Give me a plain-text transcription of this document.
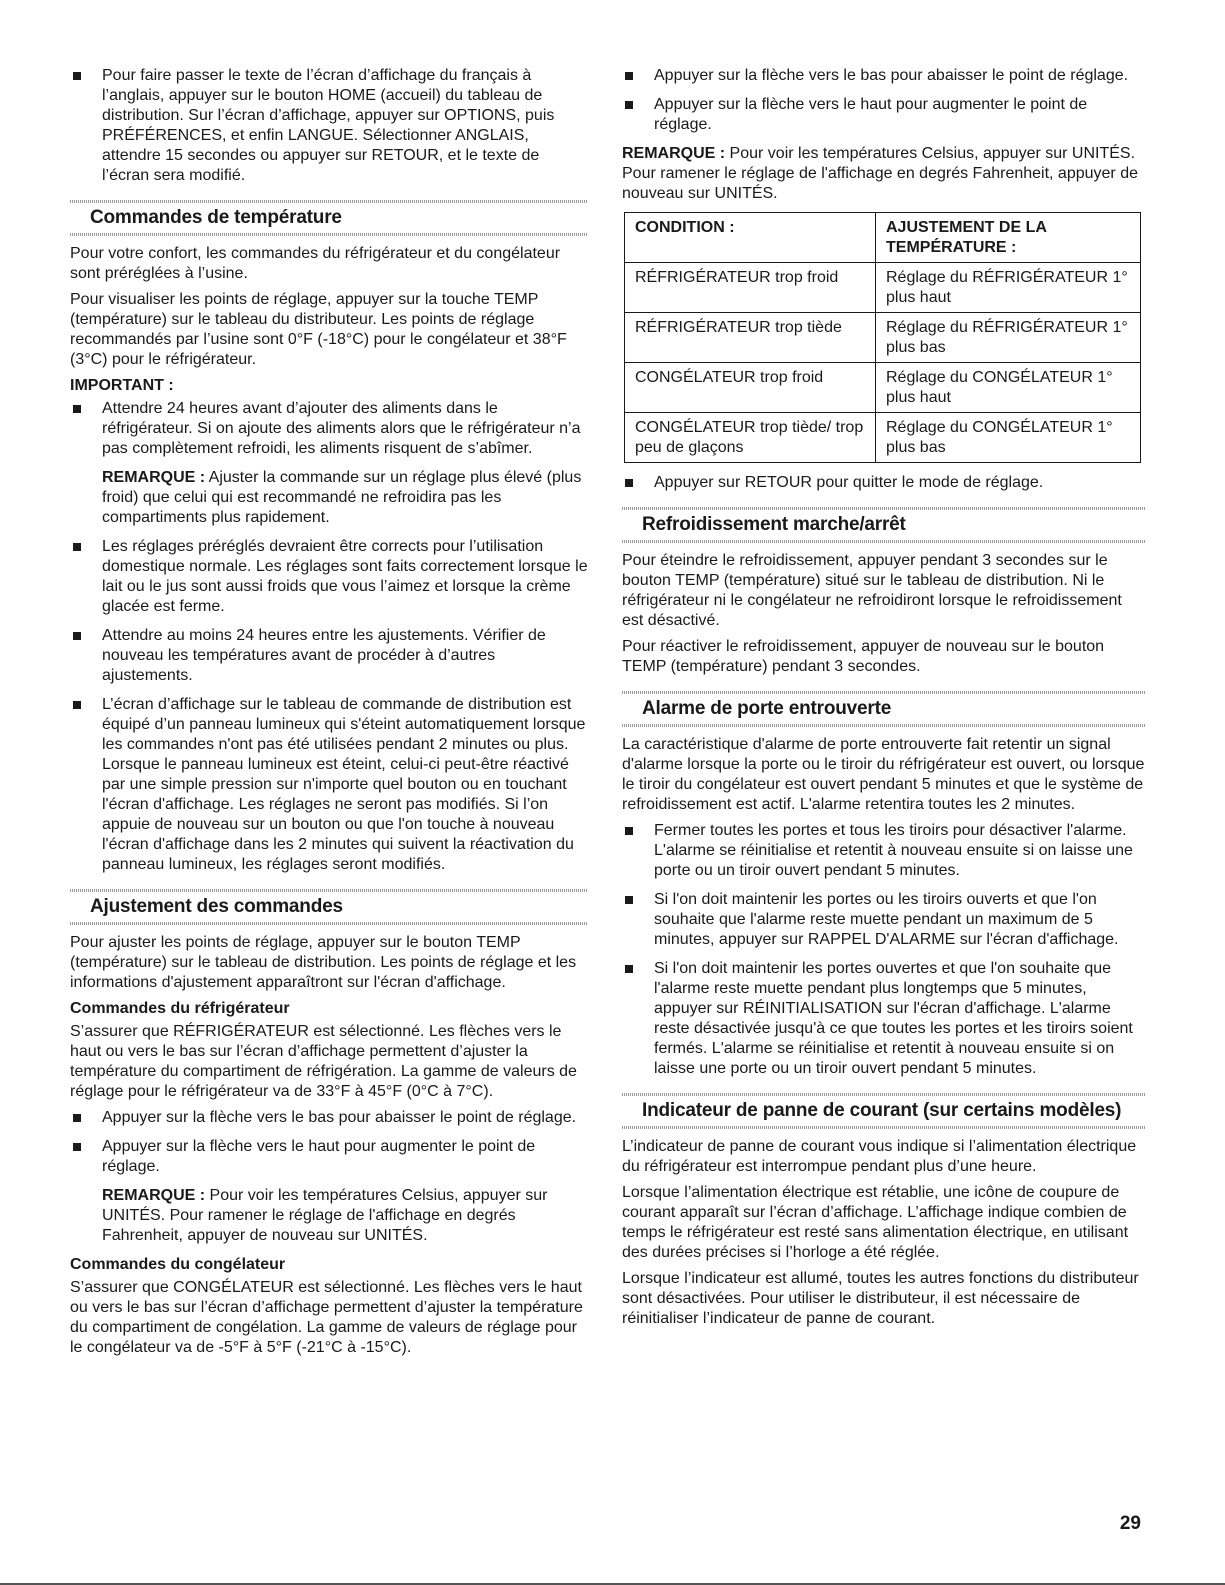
Pour faire passer le texte de l’écran d’affichage du français à l’anglais, appuyer sur le bouton HOME (accueil) du tableau de distribution. Sur l’écran d’affichage, appuyer sur OPTIONS, puis PRÉFÉRENCES, et enfin LANGUE. Sélectionner ANGLAIS, attendre 15 secondes ou appuyer sur RETOUR, et le texte de l’écran sera modifié.

Commandes de température

Pour votre confort, les commandes du réfrigérateur et du congélateur sont préréglées à l’usine.

Pour visualiser les points de réglage, appuyer sur la touche TEMP (température) sur le tableau du distributeur. Les points de réglage recommandés par l’usine sont 0°F (-18°C) pour le congélateur et 38°F (3°C) pour le réfrigérateur.

IMPORTANT :

Attendre 24 heures avant d’ajouter des aliments dans le réfrigérateur. Si on ajoute des aliments alors que le réfrigérateur n’a pas complètement refroidi, les aliments risquent de s’abîmer.

REMARQUE : Ajuster la commande sur un réglage plus élevé (plus froid) que celui qui est recommandé ne refroidira pas les compartiments plus rapidement.

Les réglages préréglés devraient être corrects pour l’utilisation domestique normale. Les réglages sont faits correctement lorsque le lait ou le jus sont aussi froids que vous l’aimez et lorsque la crème glacée est ferme.

Attendre au moins 24 heures entre les ajustements. Vérifier de nouveau les températures avant de procéder à d’autres ajustements.

L’écran d’affichage sur le tableau de commande de distribution est équipé d’un panneau lumineux qui s'éteint automatiquement lorsque les commandes n'ont pas été utilisées pendant 2 minutes ou plus. Lorsque le panneau lumineux est éteint, celui-ci peut-être réactivé par une simple pression sur n'importe quel bouton ou en touchant l'écran d'affichage. Les réglages ne seront pas modifiés. Si l’on appuie de nouveau sur un bouton ou que l'on touche à nouveau l'écran d'affichage dans les 2 minutes qui suivent la réactivation du panneau lumineux, les réglages seront modifiés.

Ajustement des commandes

Pour ajuster les points de réglage, appuyer sur le bouton TEMP (température) sur le tableau de distribution. Les points de réglage et les informations d'ajustement apparaîtront sur l'écran d'affichage.

Commandes du réfrigérateur

S’assurer que RÉFRIGÉRATEUR est sélectionné. Les flèches vers le haut ou vers le bas sur l’écran d’affichage permettent d’ajuster la température du compartiment de réfrigération. La gamme de valeurs de réglage pour le réfrigérateur va de 33°F à 45°F (0°C à 7°C).

Appuyer sur la flèche vers le bas pour abaisser le point de réglage.

Appuyer sur la flèche vers le haut pour augmenter le point de réglage.

REMARQUE : Pour voir les températures Celsius, appuyer sur UNITÉS. Pour ramener le réglage de l'affichage en degrés Fahrenheit, appuyer de nouveau sur UNITÉS.

Commandes du congélateur

S’assurer que CONGÉLATEUR est sélectionné. Les flèches vers le haut ou vers le bas sur l’écran d’affichage permettent d’ajuster la température du compartiment de congélation. La gamme de valeurs de réglage pour le congélateur va de -5°F à 5°F (-21°C à -15°C).

Appuyer sur la flèche vers le bas pour abaisser le point de réglage.

Appuyer sur la flèche vers le haut pour augmenter le point de réglage.

REMARQUE : Pour voir les températures Celsius, appuyer sur UNITÉS. Pour ramener le réglage de l'affichage en degrés Fahrenheit, appuyer de nouveau sur UNITÉS.

CONDITION :	AJUSTEMENT DE LA TEMPÉRATURE :
RÉFRIGÉRATEUR trop froid	Réglage du RÉFRIGÉRATEUR 1° plus haut
RÉFRIGÉRATEUR trop tiède	Réglage du RÉFRIGÉRATEUR 1° plus bas
CONGÉLATEUR trop froid	Réglage du CONGÉLATEUR 1° plus haut
CONGÉLATEUR trop tiède/ trop peu de glaçons	Réglage du CONGÉLATEUR 1° plus bas

Appuyer sur RETOUR pour quitter le mode de réglage.

Refroidissement marche/arrêt

Pour éteindre le refroidissement, appuyer pendant 3 secondes sur le bouton TEMP (température) situé sur le tableau de distribution. Ni le réfrigérateur ni le congélateur ne refroidiront lorsque le refroidissement est désactivé.

Pour réactiver le refroidissement, appuyer de nouveau sur le bouton TEMP (température) pendant 3 secondes.

Alarme de porte entrouverte

La caractéristique d'alarme de porte entrouverte fait retentir un signal d'alarme lorsque la porte ou le tiroir du réfrigérateur est ouvert, ou lorsque le tiroir du congélateur est ouvert pendant 5 minutes et que le système de refroidissement est actif. L'alarme retentira toutes les 2 minutes.

Fermer toutes les portes et tous les tiroirs pour désactiver l'alarme. L'alarme se réinitialise et retentit à nouveau ensuite si on laisse une porte ou un tiroir ouvert pendant 5 minutes.

Si l'on doit maintenir les portes ou les tiroirs ouverts et que l'on souhaite que l'alarme reste muette pendant un maximum de 5 minutes, appuyer sur RAPPEL D'ALARME sur l'écran d'affichage.

Si l'on doit maintenir les portes ouvertes et que l'on souhaite que l'alarme reste muette pendant plus longtemps que 5 minutes, appuyer sur RÉINITIALISATION sur l'écran d'affichage. L'alarme reste désactivée jusqu'à ce que toutes les portes et les tiroirs soient fermés. L'alarme se réinitialise et retentit à nouveau ensuite si on laisse une porte ou un tiroir ouvert pendant 5 minutes.

Indicateur de panne de courant (sur certains modèles)

L’indicateur de panne de courant vous indique si l’alimentation électrique du réfrigérateur est interrompue pendant plus d’une heure.

Lorsque l’alimentation électrique est rétablie, une icône de coupure de courant apparaît sur l’écran d’affichage. L’affichage indique combien de temps le réfrigérateur est resté sans alimentation électrique, en utilisant des durées précises si l’horloge a été réglée.

Lorsque l’indicateur est allumé, toutes les autres fonctions du distributeur sont désactivées. Pour utiliser le distributeur, il est nécessaire de réinitialiser l’indicateur de panne de courant.

29
